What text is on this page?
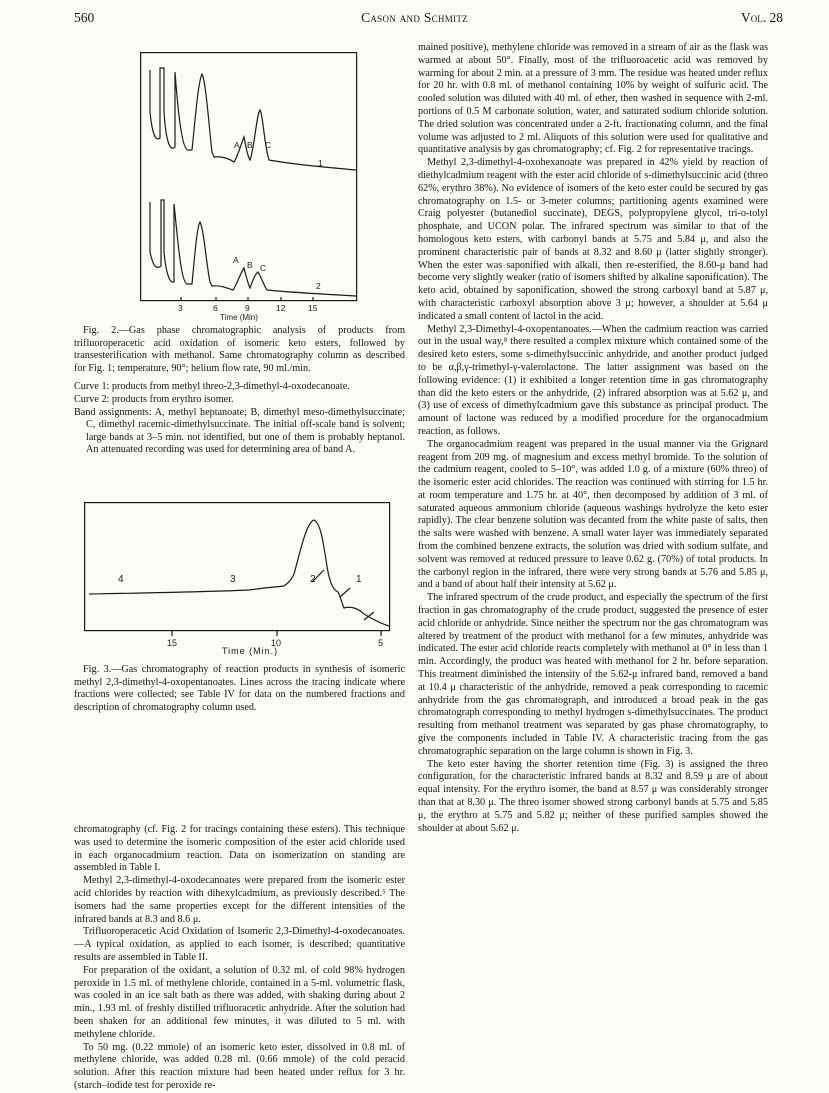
560	Cason and Schmitz	Vol. 28
A B C
1
A B C
2
3	6	9	12	15
Time (Min)

Fig. 2.—Gas phase chromatographic analysis of products from trifluoroperacetic acid oxidation of isomeric keto esters, followed by transesterification with methanol. Same chromatography column as described for Fig. 1; temperature, 90°; helium flow rate, 90 ml./min.

Curve 1: products from methyl threo-2,3-dimethyl-4-oxodecanoate.

Curve 2: products from erythro isomer.

Band assignments: A, methyl heptanoate; B, dimethyl meso-dimethylsuccinate; C, dimethyl racemic-dimethylsuccinate. The initial off-scale band is solvent; large bands at 3–5 min. not identified, but one of them is probably heptanol. An attenuated recording was used for determining area of band A.

4	3	2	1
15	10	5
Time (Min.)

Fig. 3.—Gas chromatography of reaction products in synthesis of isomeric methyl 2,3-dimethyl-4-oxopentanoates. Lines across the tracing indicate where fractions were collected; see Table IV for data on the numbered fractions and description of chromatography column used.

chromatography (cf. Fig. 2 for tracings containing these esters). This technique was used to determine the isomeric composition of the ester acid chloride used in each organocadmium reaction. Data on isomerization on standing are assembled in Table I.

Methyl 2,3-dimethyl-4-oxodecanoates were prepared from the isomeric ester acid chlorides by reaction with dihexylcadmium, as previously described.⁵ The isomers had the same properties except for the different intensities of the infrared bands at 8.3 and 8.6 μ.

Trifluoroperacetic Acid Oxidation of Isomeric 2,3-Dimethyl-4-oxodecanoates.—A typical oxidation, as applied to each isomer, is described; quantitative results are assembled in Table II.

For preparation of the oxidant, a solution of 0.32 ml. of cold 98% hydrogen peroxide in 1.5 ml. of methylene chloride, contained in a 5-ml. volumetric flask, was cooled in an ice salt bath as there was added, with shaking during about 2 min., 1.93 ml. of freshly distilled trifluoracetic anhydride. After the solution had been shaken for an additional few minutes, it was diluted to 5 ml. with methylene chloride.

To 50 mg. (0.22 mmole) of an isomeric keto ester, dissolved in 0.8 ml. of methylene chloride, was added 0.28 ml. (0.66 mmole) of the cold peracid solution. After this reaction mixture had been heated under reflux for 3 hr. (starch–iodide test for peroxide re-

mained positive), methylene chloride was removed in a stream of air as the flask was warmed at about 50°. Finally, most of the trifluoroacetic acid was removed by warming for about 2 min. at a pressure of 3 mm. The residue was heated under reflux for 20 hr. with 0.8 ml. of methanol containing 10% by weight of sulfuric acid. The cooled solution was diluted with 40 ml. of ether, then washed in sequence with 2-ml. portions of 0.5 M carbonate solution, water, and saturated sodium chloride solution. The dried solution was concentrated under a 2-ft. fractionating column, and the final volume was adjusted to 2 ml. Aliquots of this solution were used for qualitative and quantitative analysis by gas chromatography; cf. Fig. 2 for representative tracings.

Methyl 2,3-dimethyl-4-oxohexanoate was prepared in 42% yield by reaction of diethylcadmium reagent with the ester acid chloride of s-dimethylsuccinic acid (threo 62%, erythro 38%). No evidence of isomers of the keto ester could be secured by gas chromatography on 1.5- or 3-meter columns; partitioning agents examined were Craig polyester (butanediol succinate), DEGS, polypropylene glycol, tri-o-tolyl phosphate, and UCON polar. The infrared spectrum was similar to that of the homologous keto esters, with carbonyl bands at 5.75 and 5.84 μ, and also the prominent characteristic pair of bands at 8.32 and 8.60 μ (latter slightly stronger). When the ester was saponified with alkali, then re-esterified, the 8.60-μ band had become very slightly weaker (ratio of isomers shifted by alkaline saponification). The keto acid, obtained by saponification, showed the strong carboxyl band at 5.87 μ, with characteristic carboxyl absorption above 3 μ; however, a shoulder at 5.64 μ indicated a small content of lactol in the acid.

Methyl 2,3-Dimethyl-4-oxopentanoates.—When the cadmium reaction was carried out in the usual way,⁸ there resulted a complex mixture which contained some of the desired keto esters, some s-dimethylsuccinic anhydride, and another product judged to be α,β,γ-trimethyl-γ-valerolactone. The latter assignment was based on the following evidence: (1) it exhibited a longer retention time in gas chromatography than did the keto esters or the anhydride, (2) infrared absorption was at 5.62 μ, and (3) use of excess of dimethylcadmium gave this substance as principal product. The amount of lactone was reduced by a modified procedure for the organocadmium reaction, as follows.

The organocadmium reagent was prepared in the usual manner via the Grignard reagent from 209 mg. of magnesium and excess methyl bromide. To the solution of the cadmium reagent, cooled to 5–10°, was added 1.0 g. of a mixture (60% threo) of the isomeric ester acid chlorides. The reaction was continued with stirring for 1.5 hr. at room temperature and 1.75 hr. at 40°, then decomposed by addition of 3 ml. of saturated aqueous ammonium chloride (aqueous washings hydrolyze the keto ester rapidly). The clear benzene solution was decanted from the white paste of salts, then the salts were washed with benzene. A small water layer was immediately separated from the combined benzene extracts, the solution was dried with sodium sulfate, and solvent was removed at reduced pressure to leave 0.62 g. (70%) of total products. In the carbonyl region in the infrared, there were very strong bands at 5.76 and 5.85 μ, and a band of about half their intensity at 5.62 μ.

The infrared spectrum of the crude product, and especially the spectrum of the first fraction in gas chromatography of the crude product, suggested the presence of ester acid chloride or anhydride. Since neither the spectrum nor the gas chromatogram was altered by treatment of the product with methanol for a few minutes, anhydride was indicated. The ester acid chloride reacts completely with methanol at 0° in less than 1 min. Accordingly, the product was heated with methanol for 2 hr. before separation. This treatment diminished the intensity of the 5.62-μ infrared band, removed a band at 10.4 μ characteristic of the anhydride, removed a peak corresponding to racemic anhydride from the gas chromatograph, and introduced a broad peak in the gas chromatograph corresponding to methyl hydrogen s-dimethylsuccinates. The product resulting from methanol treatment was separated by gas phase chromatography, to give the components included in Table IV. A characteristic tracing from the gas chromatographic separation on the large column is shown in Fig. 3.

The keto ester having the shorter retention time (Fig. 3) is assigned the threo configuration, for the characteristic infrared bands at 8.32 and 8.59 μ are of about equal intensity. For the erythro isomer, the band at 8.57 μ was considerably stronger than that at 8.30 μ. The threo isomer showed strong carbonyl bands at 5.75 and 5.85 μ, the erythro at 5.75 and 5.82 μ; neither of these purified samples showed the shoulder at about 5.62 μ.
